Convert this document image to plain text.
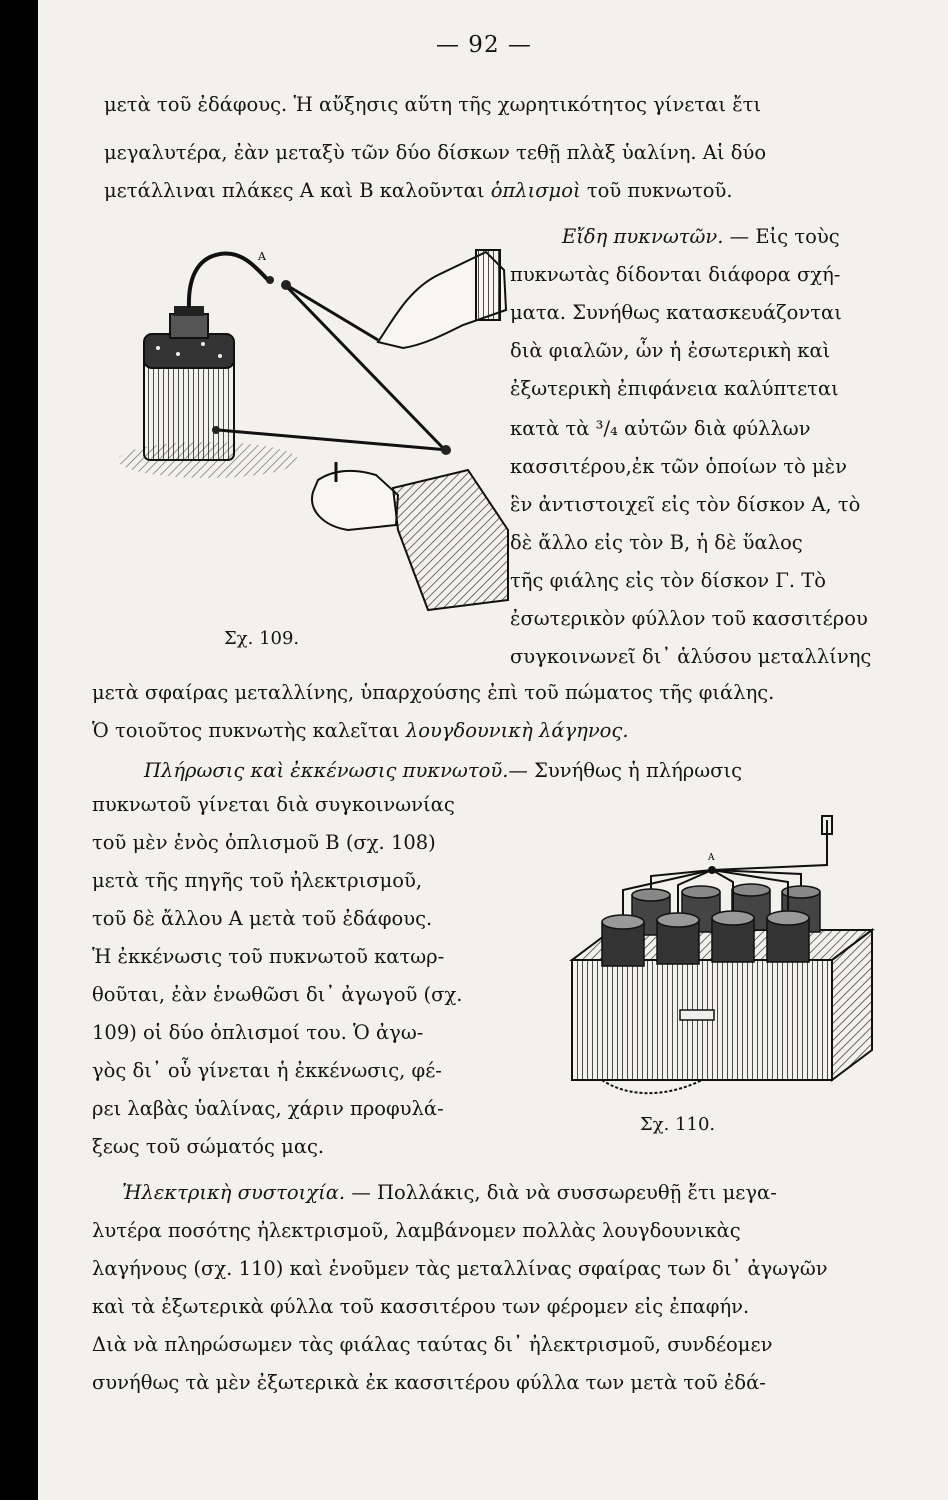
— 92 —
μετὰ τοῦ ἐδάφους. Ἡ αὔξησις αὕτη τῆς χωρητικότητος γίνεται ἔτι
μεγαλυτέρα, ἐὰν μεταξὺ τῶν δύο δίσκων τεθῇ πλὰξ ὑαλίνη. Αἱ δύο
μετάλλιναι πλάκες Α καὶ Β καλοῦνται ὁπλισμοὶ τοῦ πυκνωτοῦ.
Εἴδη πυκνωτῶν. — Εἰς τοὺς
πυκνωτὰς δίδονται διάφορα σχή-
ματα. Συνήθως κατασκευάζονται
διὰ φιαλῶν, ὧν ἡ ἐσωτερικὴ καὶ
ἐξωτερικὴ ἐπιφάνεια καλύπτεται
κατὰ τὰ ³/₄ αὐτῶν διὰ φύλλων
κασσιτέρου,ἐκ τῶν ὁποίων τὸ μὲν
ἓν ἀντιστοιχεῖ εἰς τὸν δίσκον Α, τὸ
δὲ ἄλλο εἰς τὸν Β, ἡ δὲ ὕαλος
τῆς φιάλης εἰς τὸν δίσκον Γ. Τὸ
ἐσωτερικὸν φύλλον τοῦ κασσιτέρου
συγκοινωνεῖ δι᾽ ἁλύσου μεταλλίνης
μετὰ σφαίρας μεταλλίνης, ὑπαρχούσης ἐπὶ τοῦ πώματος τῆς φιάλης.
Ὁ τοιοῦτος πυκνωτὴς καλεῖται λουγδουνικὴ λάγηνος.
Πλήρωσις καὶ ἐκκένωσις πυκνωτοῦ.— Συνήθως ἡ πλήρωσις
πυκνωτοῦ γίνεται διὰ συγκοινωνίας
τοῦ μὲν ἑνὸς ὁπλισμοῦ Β (σχ. 108)
μετὰ τῆς πηγῆς τοῦ ἠλεκτρισμοῦ,
τοῦ δὲ ἄλλου Α μετὰ τοῦ ἐδάφους.
Ἡ ἐκκένωσις τοῦ πυκνωτοῦ κατωρ-
θοῦται, ἐὰν ἑνωθῶσι δι᾽ ἀγωγοῦ (σχ.
109) οἱ δύο ὁπλισμοί του. Ὁ ἀγω-
γὸς δι᾽ οὗ γίνεται ἡ ἐκκένωσις, φέ-
ρει λαβὰς ὑαλίνας, χάριν προφυλά-
ξεως τοῦ σώματός μας.
Ἠλεκτρικὴ συστοιχία. — Πολλάκις, διὰ νὰ συσσωρευθῇ ἔτι μεγα-
λυτέρα ποσότης ἠλεκτρισμοῦ, λαμβάνομεν πολλὰς λουγδουνικὰς
λαγήνους (σχ. 110) καὶ ἑνοῦμεν τὰς μεταλλίνας σφαίρας των δι᾽ ἀγωγῶν
καὶ τὰ ἐξωτερικὰ φύλλα τοῦ κασσιτέρου των φέρομεν εἰς ἐπαφήν.
Διὰ νὰ πληρώσωμεν τὰς φιάλας ταύτας δι᾽ ἠλεκτρισμοῦ, συνδέομεν
συνήθως τὰ μὲν ἐξωτερικὰ ἐκ κασσιτέρου φύλλα των μετὰ τοῦ ἐδά-
Α
Σχ. 109.
Α
Σχ. 110.
